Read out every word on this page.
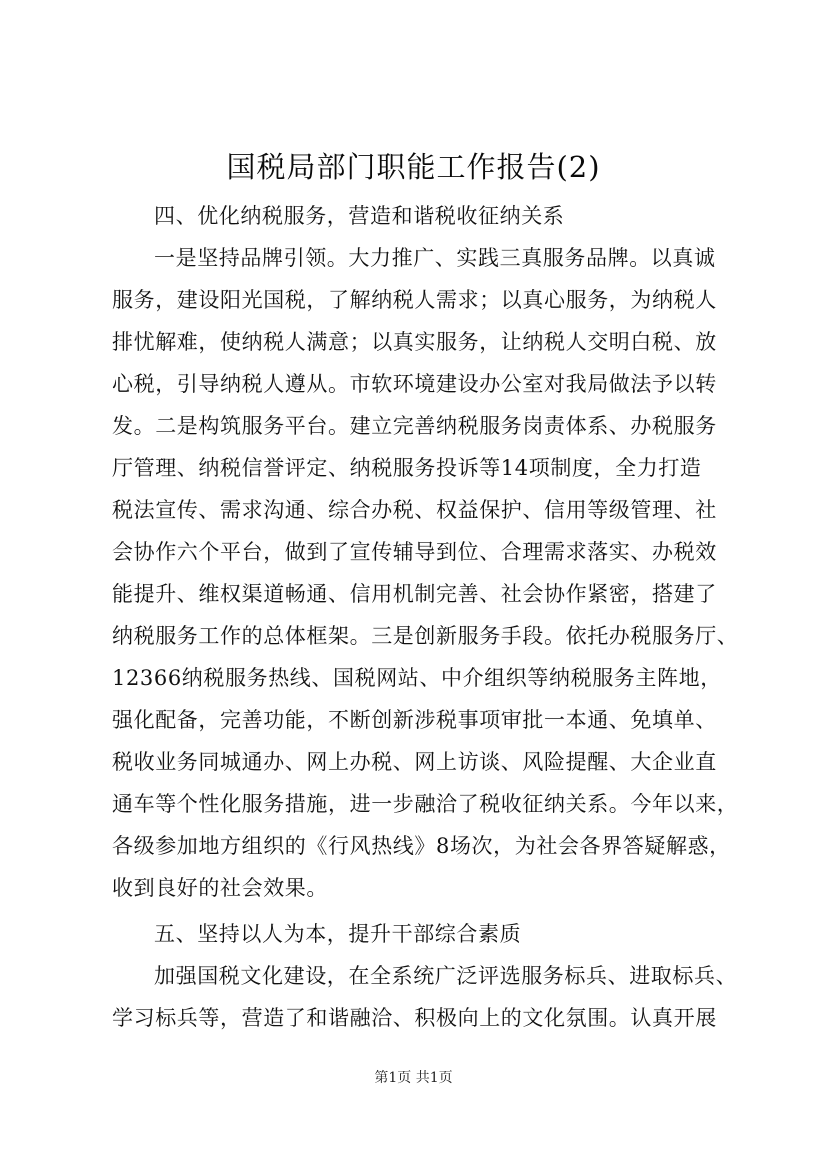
国税局部门职能工作报告(2)
四、优化纳税服务，营造和谐税收征纳关系
一是坚持品牌引领。大力推广、实践三真服务品牌。以真诚
服务，建设阳光国税，了解纳税人需求；以真心服务，为纳税人
排忧解难，使纳税人满意；以真实服务，让纳税人交明白税、放
心税，引导纳税人遵从。市软环境建设办公室对我局做法予以转
发。二是构筑服务平台。建立完善纳税服务岗责体系、办税服务
厅管理、纳税信誉评定、纳税服务投诉等14项制度，全力打造
税法宣传、需求沟通、综合办税、权益保护、信用等级管理、社
会协作六个平台，做到了宣传辅导到位、合理需求落实、办税效
能提升、维权渠道畅通、信用机制完善、社会协作紧密，搭建了
纳税服务工作的总体框架。三是创新服务手段。依托办税服务厅、
12366纳税服务热线、国税网站、中介组织等纳税服务主阵地，
强化配备，完善功能，不断创新涉税事项审批一本通、免填单、
税收业务同城通办、网上办税、网上访谈、风险提醒、大企业直
通车等个性化服务措施，进一步融洽了税收征纳关系。今年以来，
各级参加地方组织的《行风热线》8场次，为社会各界答疑解惑，
收到良好的社会效果。
五、坚持以人为本，提升干部综合素质
加强国税文化建设，在全系统广泛评选服务标兵、进取标兵、
学习标兵等，营造了和谐融洽、积极向上的文化氛围。认真开展
第1页 共1页
